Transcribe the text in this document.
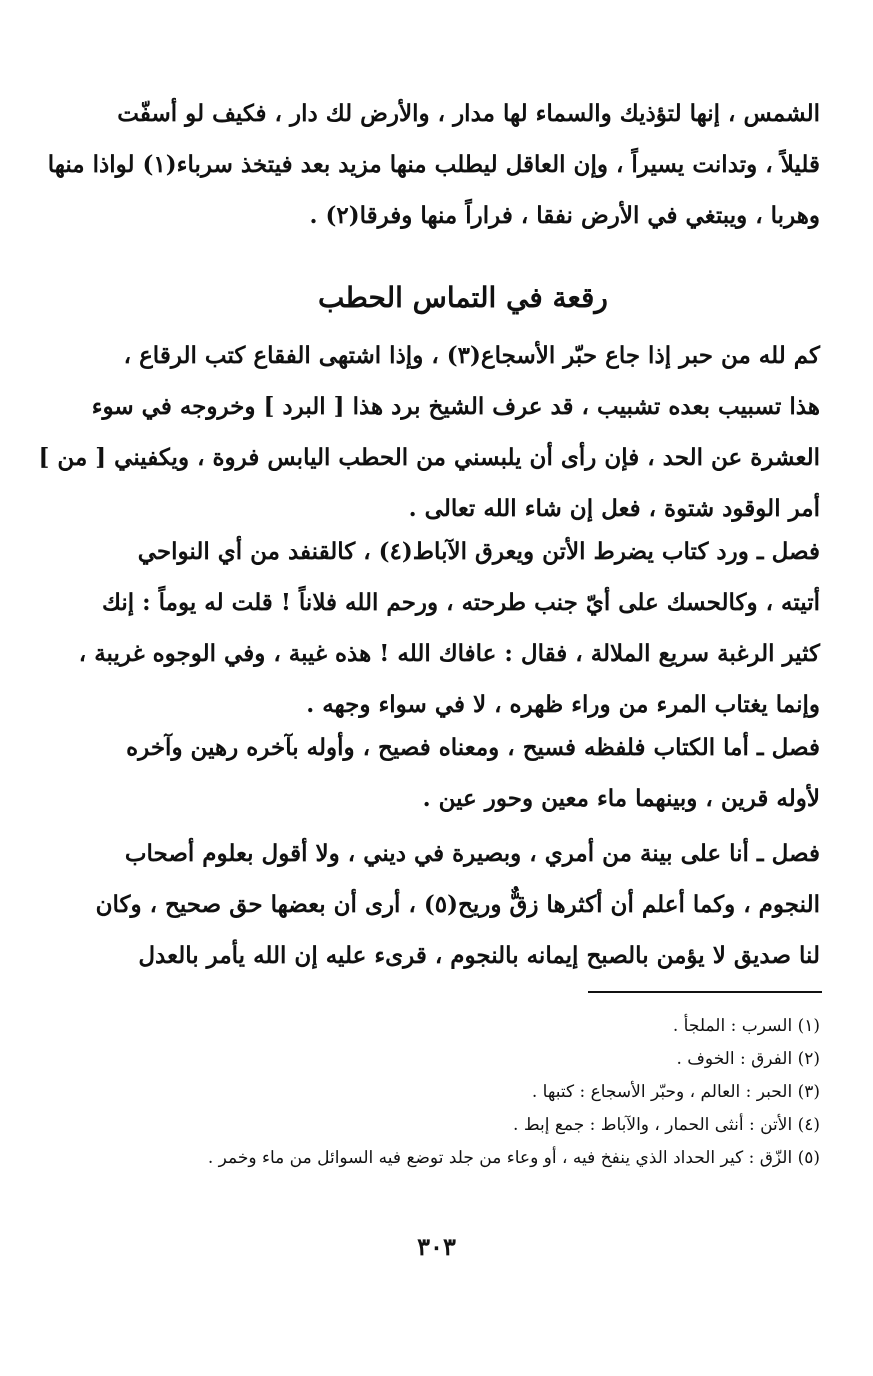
الشمس ، إنها لتؤذيك والسماء لها مدار ، والأرض لك دار ، فكيف لو أسفّت
قليلاً ، وتدانت يسيراً ، وإن العاقل ليطلب منها مزيد بعد فيتخذ سرباء(١) لواذا منها
وهربا ، ويبتغي في الأرض نفقا ، فراراً منها وفرقا(٢) .
رقعة في التماس الحطب
كم لله من حبر إذا جاع حبّر الأسجاع(٣) ، وإذا اشتهى الفقاع كتب الرقاع ،
هذا تسبيب بعده تشبيب ، قد عرف الشيخ برد هذا [ البرد ] وخروجه في سوء
العشرة عن الحد ، فإن رأى أن يلبسني من الحطب اليابس فروة ، ويكفيني [ من ]
أمر الوقود شتوة ، فعل إن شاء الله تعالى .
فصل ـ ورد كتاب يضرط الأتن ويعرق الآباط(٤) ، كالقنفد من أي النواحي
أتيته ، وكالحسك على أيّ جنب طرحته ، ورحم الله فلاناً ! قلت له يوماً : إنك
كثير الرغبة سريع الملالة ، فقال : عافاك الله ! هذه غيبة ، وفي الوجوه غريبة ،
وإنما يغتاب المرء من وراء ظهره ، لا في سواء وجهه .
فصل ـ أما الكتاب فلفظه فسيح ، ومعناه فصيح ، وأوله بآخره رهين وآخره
لأوله قرين ، وبينهما ماء معين وحور عين .
فصل ـ أنا على بينة من أمري ، وبصيرة في ديني ، ولا أقول بعلوم أصحاب
النجوم ، وكما أعلم أن أكثرها زقٌّ وريح(٥) ، أرى أن بعضها حق صحيح ، وكان
لنا صديق لا يؤمن بالصبح إيمانه بالنجوم ، قرىء عليه إن الله يأمر بالعدل
(١) السرب : الملجأ .
(٢) الفرق : الخوف .
(٣) الحبر : العالم ، وحبّر الأسجاع : كتبها .
(٤) الأتن : أنثى الحمار ، والآباط : جمع إبط .
(٥) الزّق : كير الحداد الذي ينفخ فيه ، أو وعاء من جلد توضع فيه السوائل من ماء وخمر .
٣٠٣
